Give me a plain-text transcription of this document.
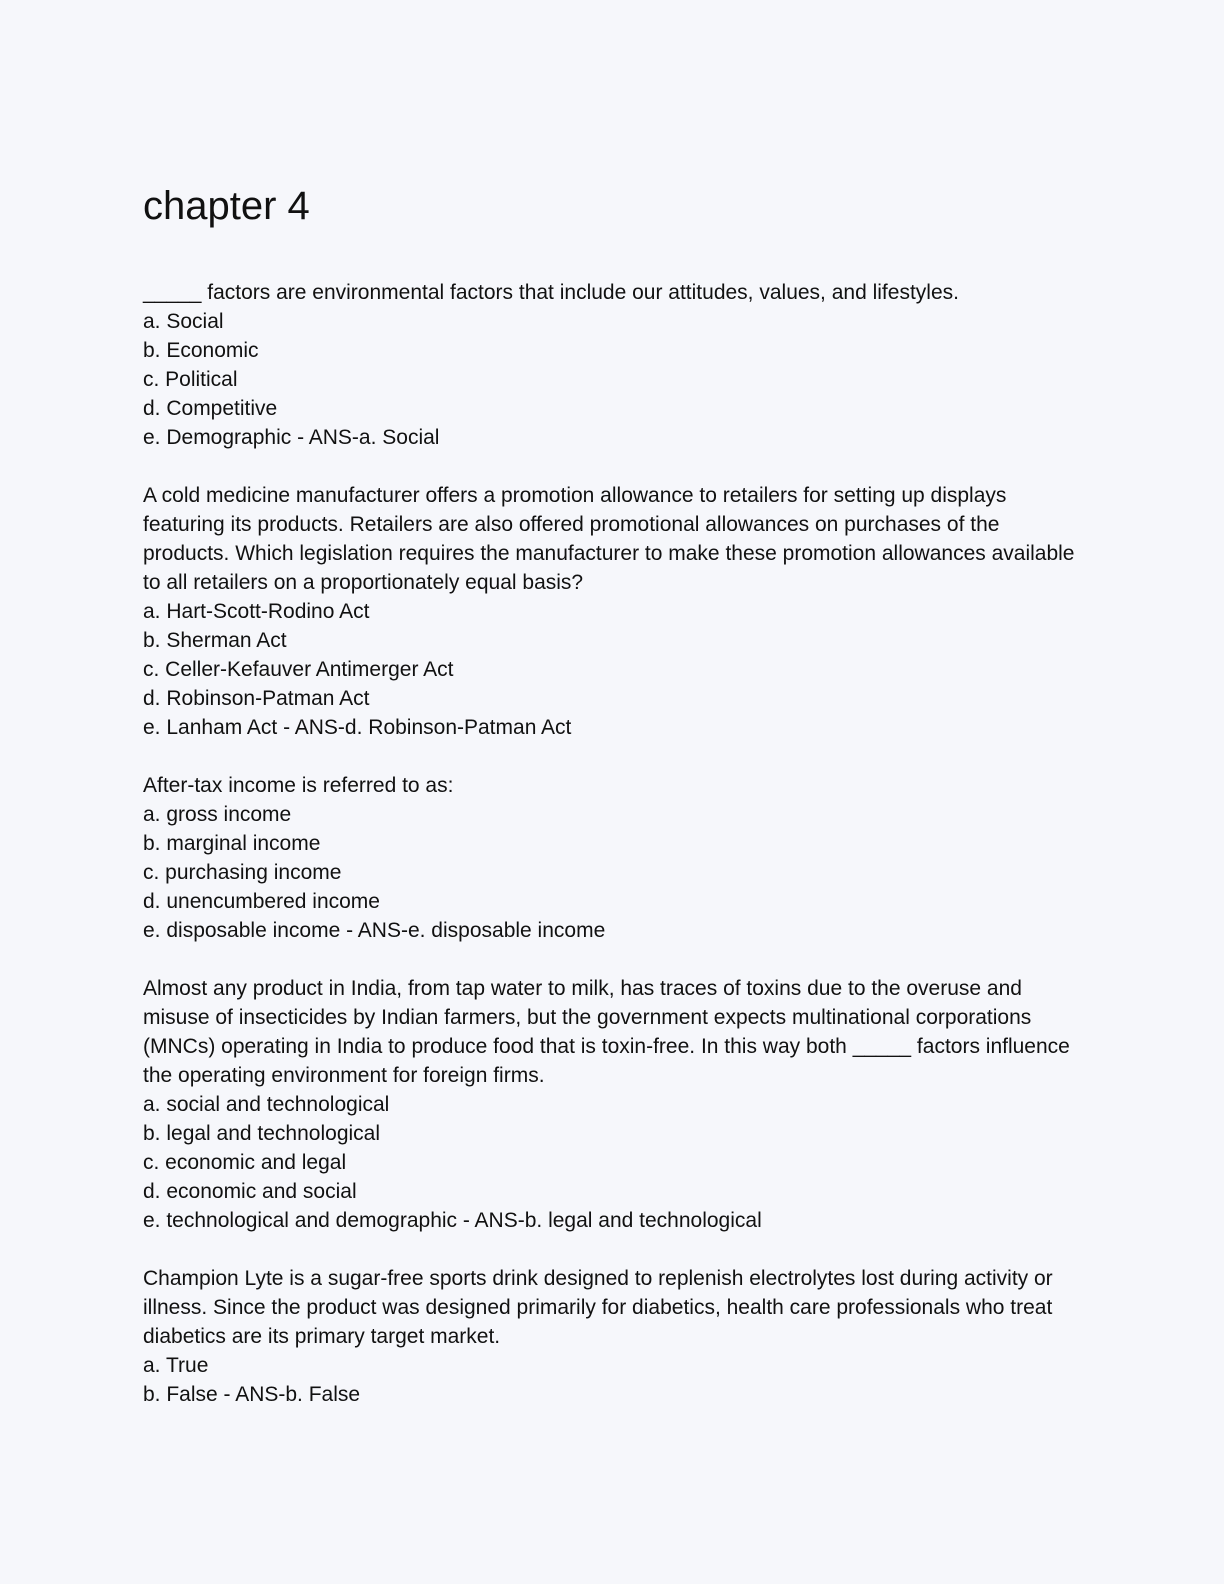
chapter 4
_____ factors are environmental factors that include our attitudes, values, and lifestyles.
a. Social
b. Economic
c. Political
d. Competitive
e. Demographic - ANS-a. Social
A cold medicine manufacturer offers a promotion allowance to retailers for setting up displays featuring its products. Retailers are also offered promotional allowances on purchases of the products. Which legislation requires the manufacturer to make these promotion allowances available to all retailers on a proportionately equal basis?
a. Hart-Scott-Rodino Act
b. Sherman Act
c. Celler-Kefauver Antimerger Act
d. Robinson-Patman Act
e. Lanham Act - ANS-d. Robinson-Patman Act
After-tax income is referred to as:
a. gross income
b. marginal income
c. purchasing income
d. unencumbered income
e. disposable income - ANS-e. disposable income
Almost any product in India, from tap water to milk, has traces of toxins due to the overuse and misuse of insecticides by Indian farmers, but the government expects multinational corporations (MNCs) operating in India to produce food that is toxin-free. In this way both _____ factors influence the operating environment for foreign firms.
a. social and technological
b. legal and technological
c. economic and legal
d. economic and social
e. technological and demographic - ANS-b. legal and technological
Champion Lyte is a sugar-free sports drink designed to replenish electrolytes lost during activity or illness. Since the product was designed primarily for diabetics, health care professionals who treat diabetics are its primary target market.
a. True
b. False - ANS-b. False
